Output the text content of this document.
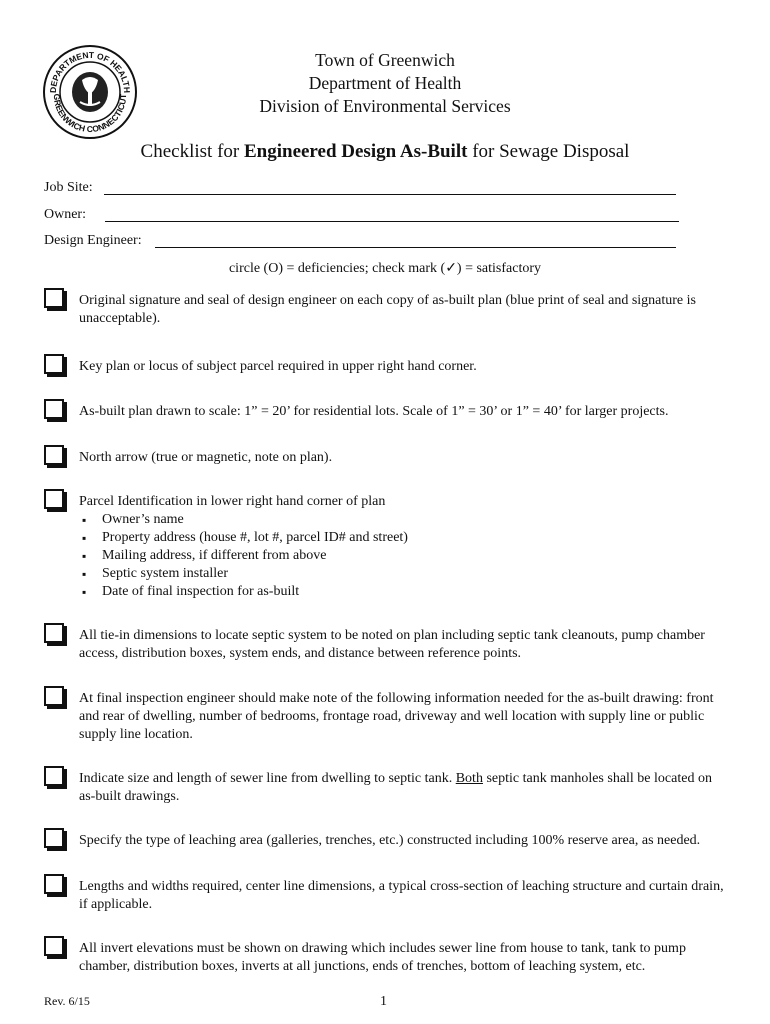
DEPARTMENT OF HEALTH
GREENWICH CONNECTICUT
Town of Greenwich
Department of Health
Division of Environmental Services
Checklist for Engineered Design As-Built for Sewage Disposal
Job Site:
Owner:
Design Engineer:
circle (O) = deficiencies; check mark (✓) = satisfactory
Original signature and seal of design engineer on each copy of as-built plan (blue print of seal and signature is unacceptable).
Key plan or locus of subject parcel required in upper right hand corner.
As-built plan drawn to scale: 1” = 20’ for residential lots. Scale of 1” = 30’ or 1” = 40’ for larger projects.
North arrow (true or magnetic, note on plan).
Parcel Identification in lower right hand corner of plan
▪ Owner’s name
▪ Property address (house #, lot #, parcel ID# and street)
▪ Mailing address, if different from above
▪ Septic system installer
▪ Date of final inspection for as-built
All tie-in dimensions to locate septic system to be noted on plan including septic tank cleanouts, pump chamber access, distribution boxes, system ends, and distance between reference points.
At final inspection engineer should make note of the following information needed for the as-built drawing: front and rear of dwelling, number of bedrooms, frontage road, driveway and well location with supply line or public supply line location.
Indicate size and length of sewer line from dwelling to septic tank. Both septic tank manholes shall be located on as-built drawings.
Specify the type of leaching area (galleries, trenches, etc.) constructed including 100% reserve area, as needed.
Lengths and widths required, center line dimensions, a typical cross-section of leaching structure and curtain drain, if applicable.
All invert elevations must be shown on drawing which includes sewer line from house to tank, tank to pump chamber, distribution boxes, inverts at all junctions, ends of trenches, bottom of leaching system, etc.
Rev. 6/15	1
